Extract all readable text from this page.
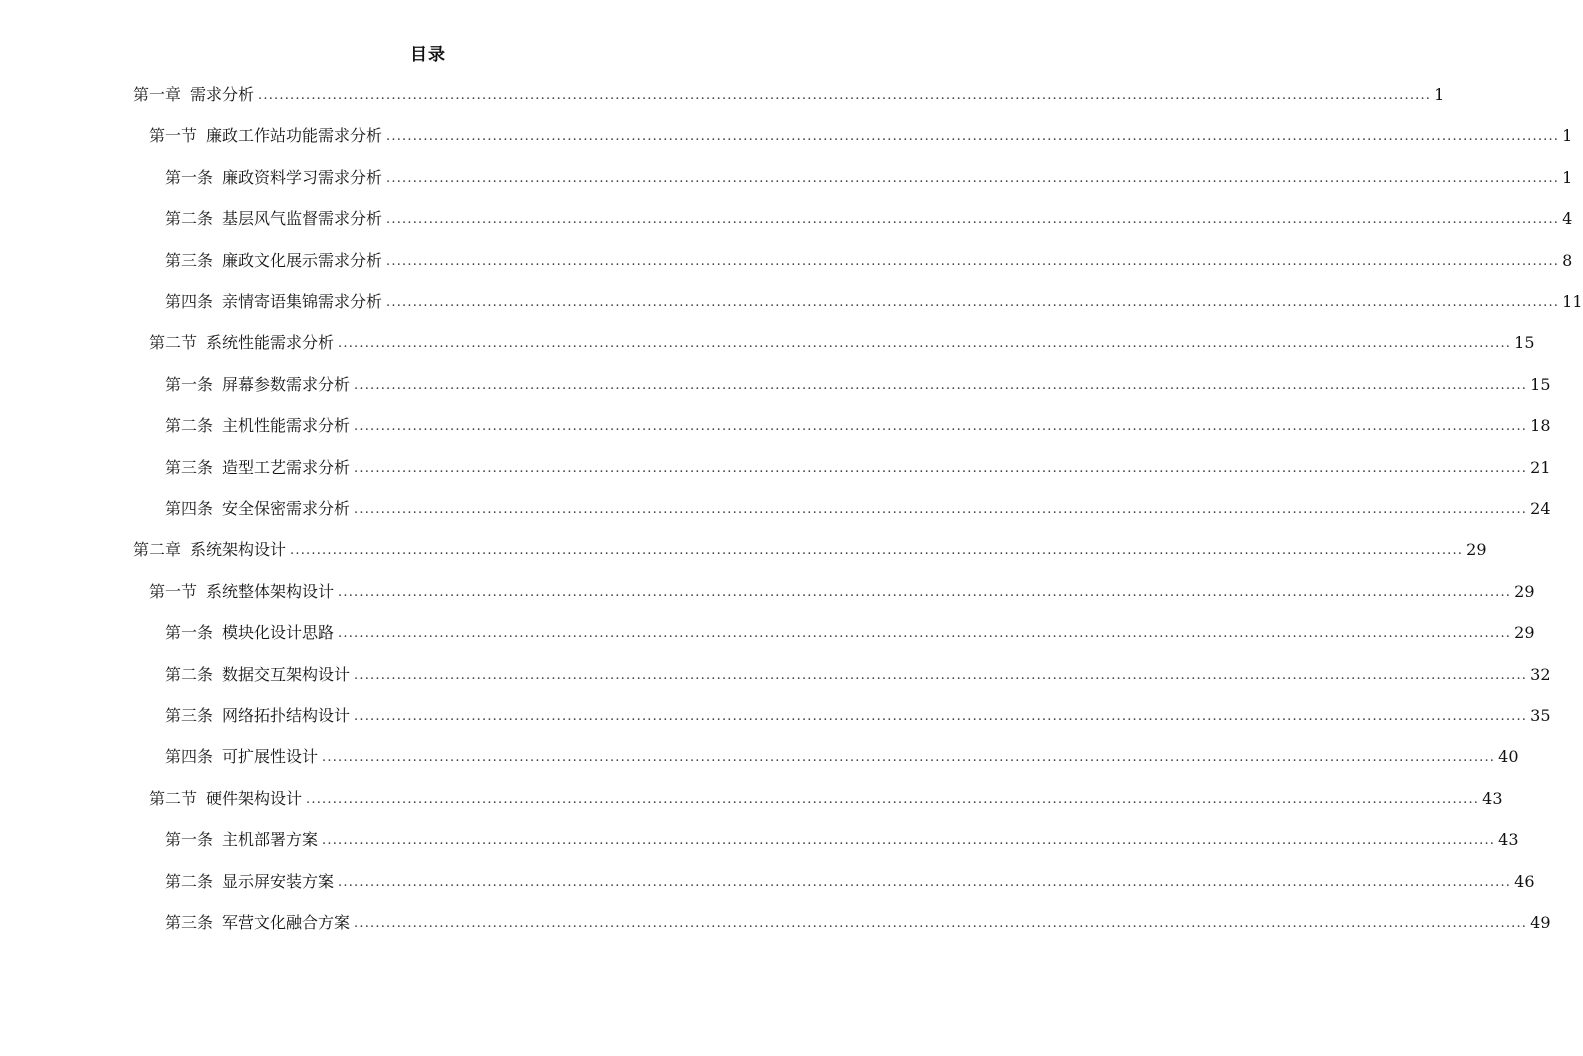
目录
第一章 需求分析 ............................................................................................................................................................................................................................ 1
第一节 廉政工作站功能需求分析 ............................................................................................................................................................................................................................ 1
第一条 廉政资料学习需求分析 ............................................................................................................................................................................................................................ 1
第二条 基层风气监督需求分析 ............................................................................................................................................................................................................................ 4
第三条 廉政文化展示需求分析 ............................................................................................................................................................................................................................ 8
第四条 亲情寄语集锦需求分析 ............................................................................................................................................................................................................................ 11
第二节 系统性能需求分析 ............................................................................................................................................................................................................................ 15
第一条 屏幕参数需求分析 ............................................................................................................................................................................................................................ 15
第二条 主机性能需求分析 ............................................................................................................................................................................................................................ 18
第三条 造型工艺需求分析 ............................................................................................................................................................................................................................ 21
第四条 安全保密需求分析 ............................................................................................................................................................................................................................ 24
第二章 系统架构设计 ............................................................................................................................................................................................................................ 29
第一节 系统整体架构设计 ............................................................................................................................................................................................................................ 29
第一条 模块化设计思路 ............................................................................................................................................................................................................................ 29
第二条 数据交互架构设计 ............................................................................................................................................................................................................................ 32
第三条 网络拓扑结构设计 ............................................................................................................................................................................................................................ 35
第四条 可扩展性设计 ............................................................................................................................................................................................................................ 40
第二节 硬件架构设计 ............................................................................................................................................................................................................................ 43
第一条 主机部署方案 ............................................................................................................................................................................................................................ 43
第二条 显示屏安装方案 ............................................................................................................................................................................................................................ 46
第三条 军营文化融合方案 ............................................................................................................................................................................................................................ 49
